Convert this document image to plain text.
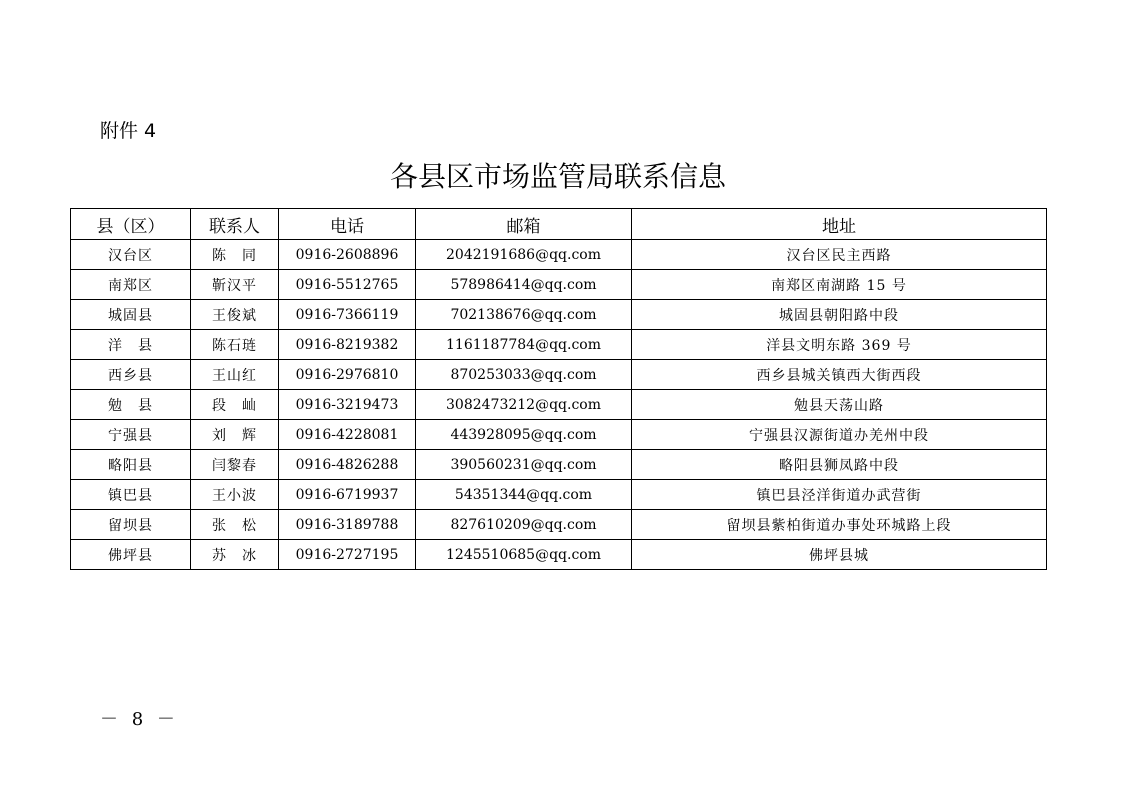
附件 4
各县区市场监管局联系信息
县（区）	联系人	电话	邮箱	地址
汉台区	陈　同	0916-2608896	2042191686@qq.com	汉台区民主西路
南郑区	靳汉平	0916-5512765	578986414@qq.com	南郑区南湖路 15 号
城固县	王俊斌	0916-7366119	702138676@qq.com	城固县朝阳路中段
洋　县	陈石琏	0916-8219382	1161187784@qq.com	洋县文明东路 369 号
西乡县	王山红	0916-2976810	870253033@qq.com	西乡县城关镇西大街西段
勉　县	段　屾	0916-3219473	3082473212@qq.com	勉县天荡山路
宁强县	刘　辉	0916-4228081	443928095@qq.com	宁强县汉源街道办羌州中段
略阳县	闫黎春	0916-4826288	390560231@qq.com	略阳县狮凤路中段
镇巴县	王小波	0916-6719937	54351344@qq.com	镇巴县泾洋街道办武营街
留坝县	张　松	0916-3189788	827610209@qq.com	留坝县紫柏街道办事处环城路上段
佛坪县	苏　冰	0916-2727195	1245510685@qq.com	佛坪县城
－ 8 －
